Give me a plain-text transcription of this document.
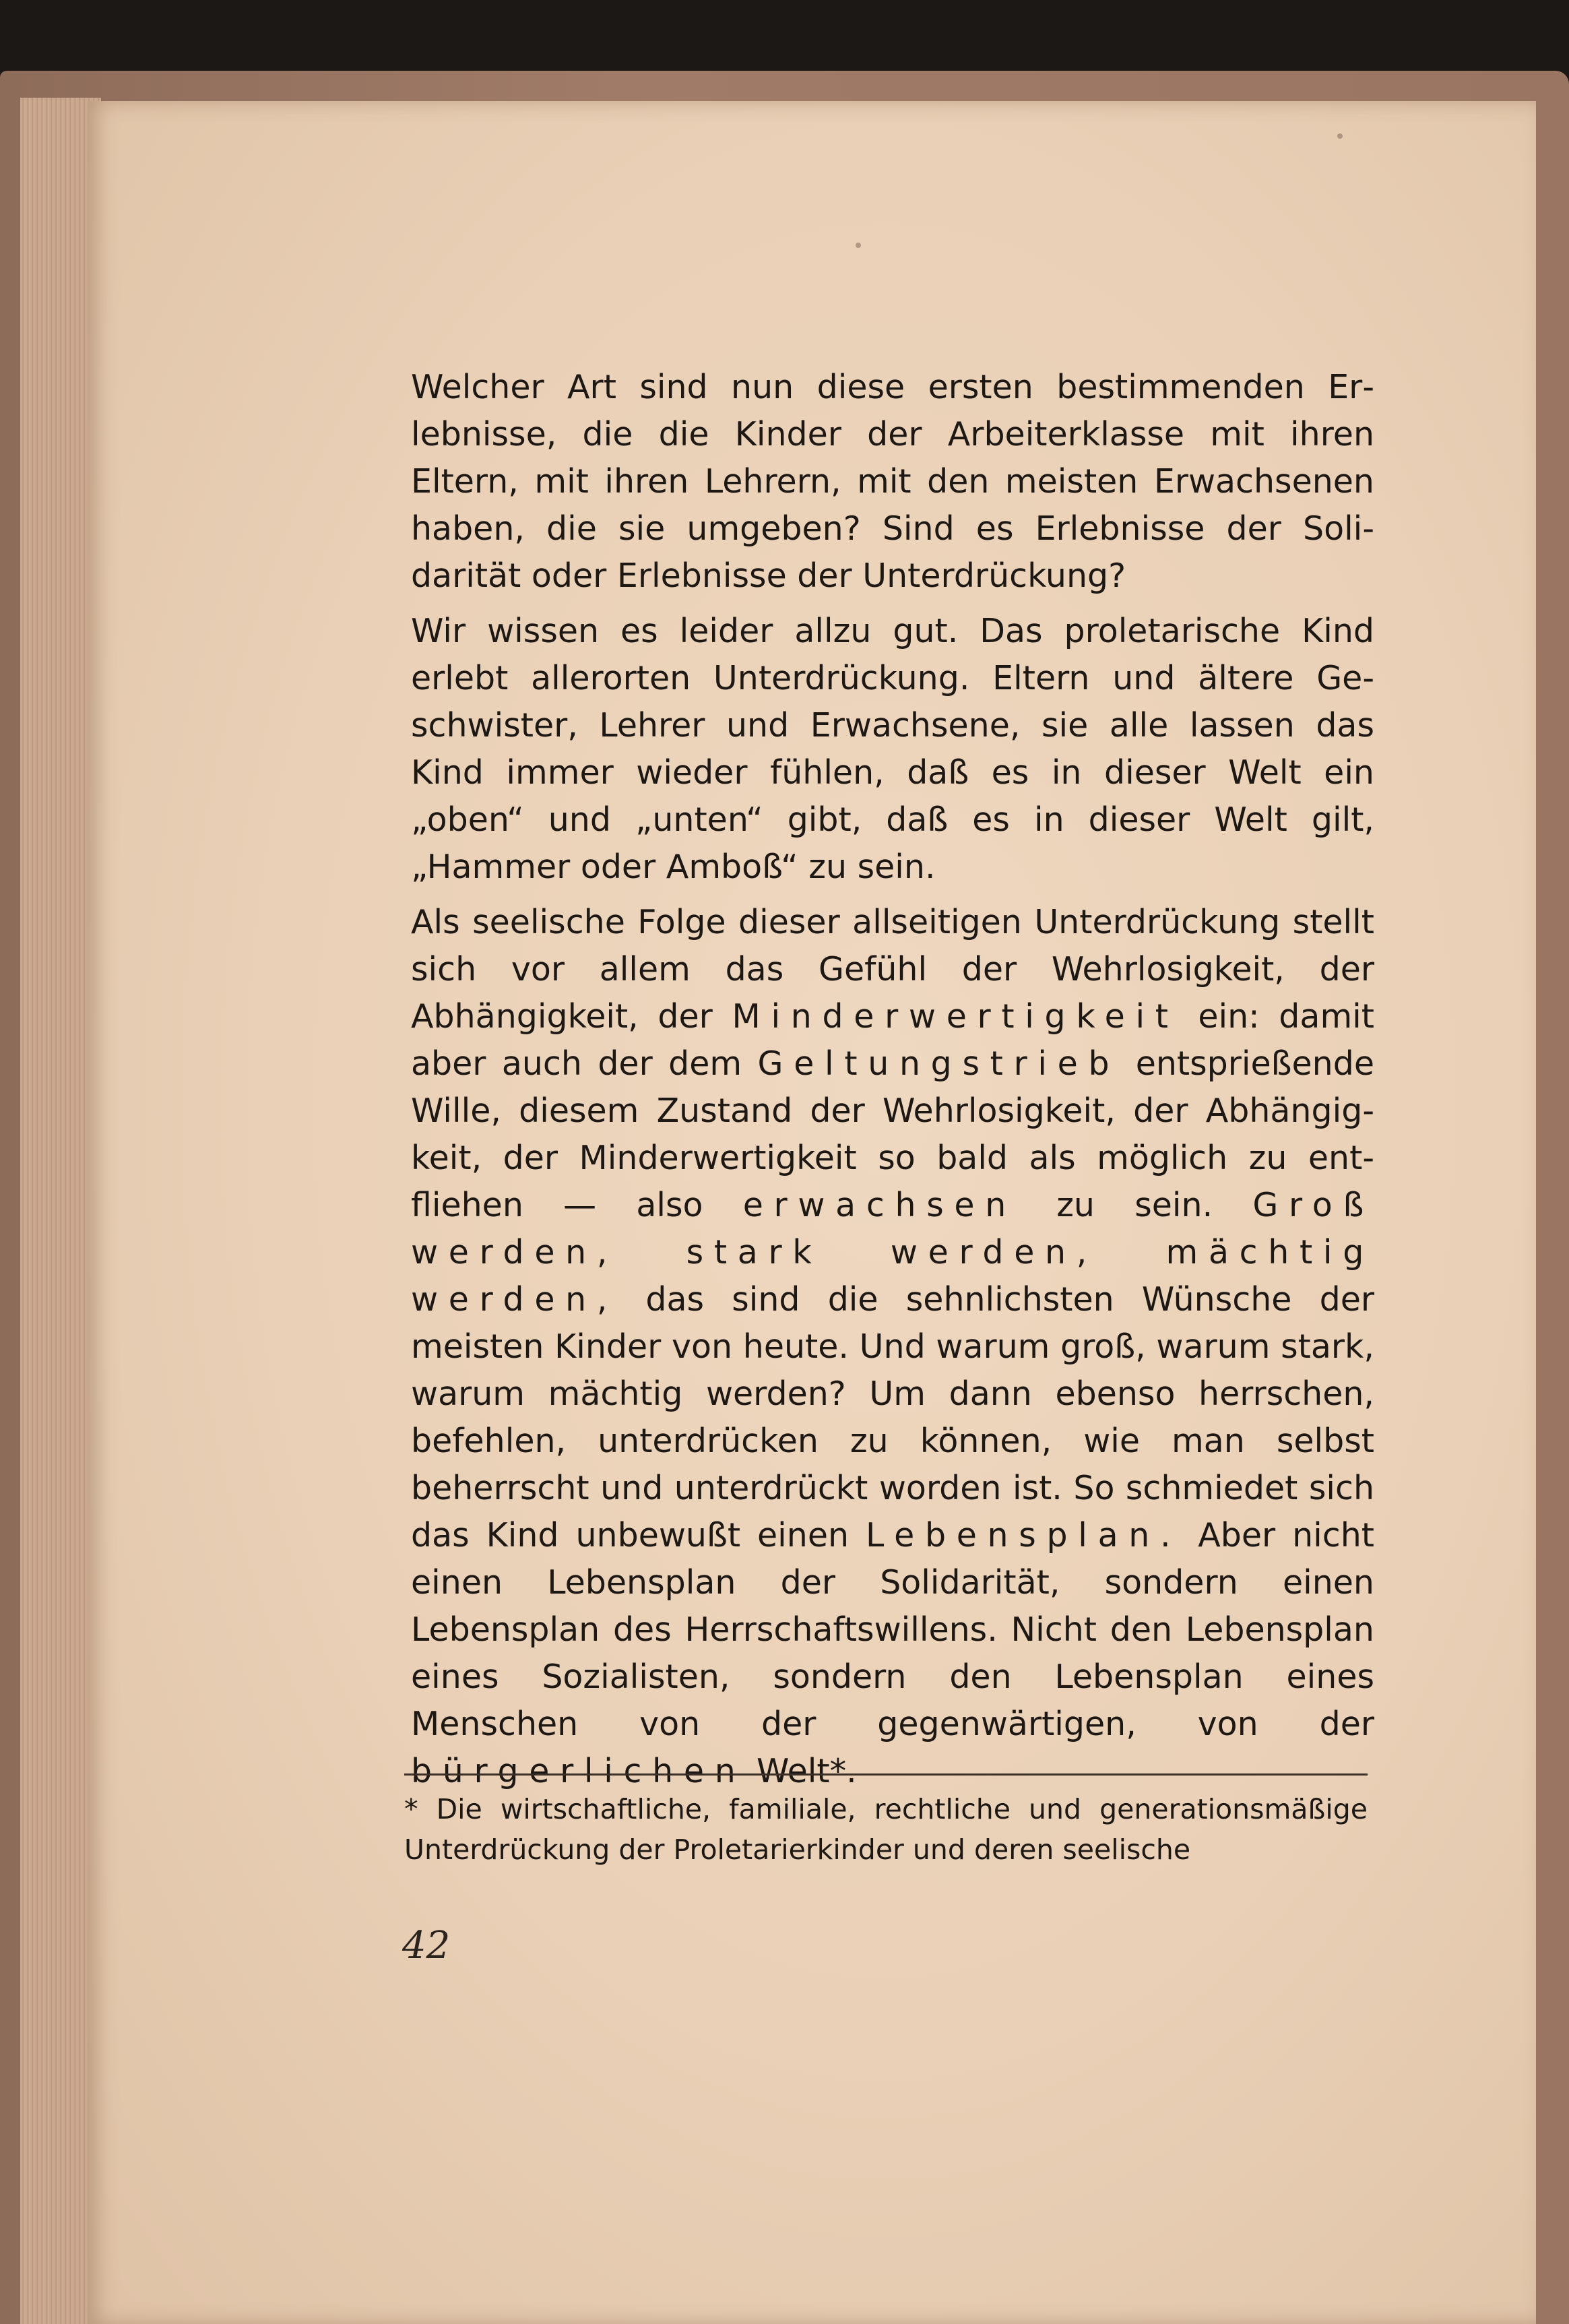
Welcher Art sind nun diese ersten bestimmenden Erlebnisse, die die Kinder der Arbeiterklasse mit ihren Eltern, mit ihren Lehrern, mit den meisten Erwachsenen haben, die sie umgeben? Sind es Erlebnisse der Solidarität oder Erlebnisse der Unterdrückung?

Wir wissen es leider allzu gut. Das proletarische Kind erlebt allerorten Unterdrückung. Eltern und ältere Geschwister, Lehrer und Erwachsene, sie alle lassen das Kind immer wieder fühlen, daß es in dieser Welt ein „oben“ und „unten“ gibt, daß es in dieser Welt gilt, „Hammer oder Amboß“ zu sein.

Als seelische Folge dieser allseitigen Unterdrückung stellt sich vor allem das Gefühl der Wehrlosigkeit, der Abhängigkeit, der Minderwertigkeit ein: damit aber auch der dem Geltungstrieb entsprießende Wille, diesem Zustand der Wehrlosigkeit, der Abhängigkeit, der Minderwertigkeit so bald als möglich zu entfliehen — also erwachsen zu sein. Groß werden, stark werden, mächtig werden, das sind die sehnlichsten Wünsche der meisten Kinder von heute. Und warum groß, warum stark, warum mächtig werden? Um dann ebenso herrschen, befehlen, unterdrücken zu können, wie man selbst beherrscht und unterdrückt worden ist. So schmiedet sich das Kind unbewußt einen Lebensplan. Aber nicht einen Lebensplan der Solidarität, sondern einen Lebensplan des Herrschaftswillens. Nicht den Lebensplan eines Sozialisten, sondern den Lebensplan eines Menschen von der gegenwärtigen, von der bürgerlichen Welt*.

* Die wirtschaftliche, familiale, rechtliche und generationsmäßige Unterdrückung der Proletarierkinder und deren seelische
42
